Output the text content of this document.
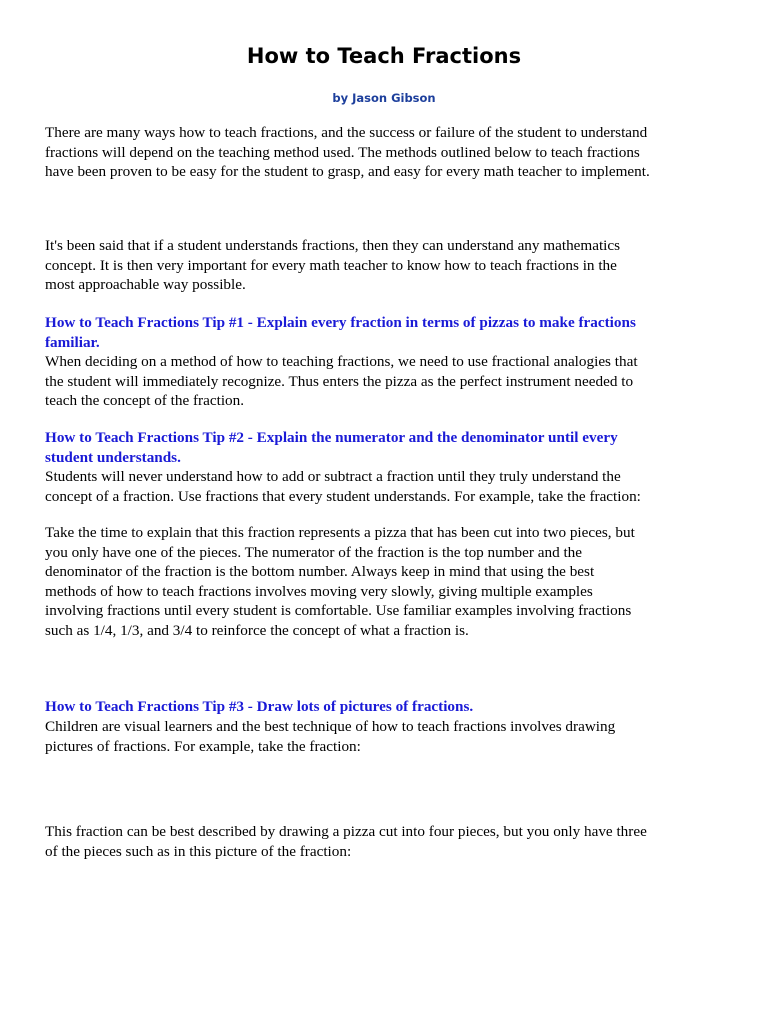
How to Teach Fractions
by Jason Gibson

There are many ways how to teach fractions, and the success or failure of the student to understand
fractions will depend on the teaching method used. The methods outlined below to teach fractions
have been proven to be easy for the student to grasp, and easy for every math teacher to implement.

It's been said that if a student understands fractions, then they can understand any mathematics
concept. It is then very important for every math teacher to know how to teach fractions in the
most approachable way possible.

How to Teach Fractions Tip #1 - Explain every fraction in terms of pizzas to make fractions
familiar.

When deciding on a method of how to teaching fractions, we need to use fractional analogies that
the student will immediately recognize. Thus enters the pizza as the perfect instrument needed to
teach the concept of the fraction.

How to Teach Fractions Tip #2 - Explain the numerator and the denominator until every
student understands.

Students will never understand how to add or subtract a fraction until they truly understand the
concept of a fraction. Use fractions that every student understands. For example, take the fraction:

Take the time to explain that this fraction represents a pizza that has been cut into two pieces, but
you only have one of the pieces. The numerator of the fraction is the top number and the
denominator of the fraction is the bottom number. Always keep in mind that using the best
methods of how to teach fractions involves moving very slowly, giving multiple examples
involving fractions until every student is comfortable. Use familiar examples involving fractions
such as 1/4, 1/3, and 3/4 to reinforce the concept of what a fraction is.

How to Teach Fractions Tip #3 - Draw lots of pictures of fractions.

Children are visual learners and the best technique of how to teach fractions involves drawing
pictures of fractions. For example, take the fraction:

This fraction can be best described by drawing a pizza cut into four pieces, but you only have three
of the pieces such as in this picture of the fraction:
